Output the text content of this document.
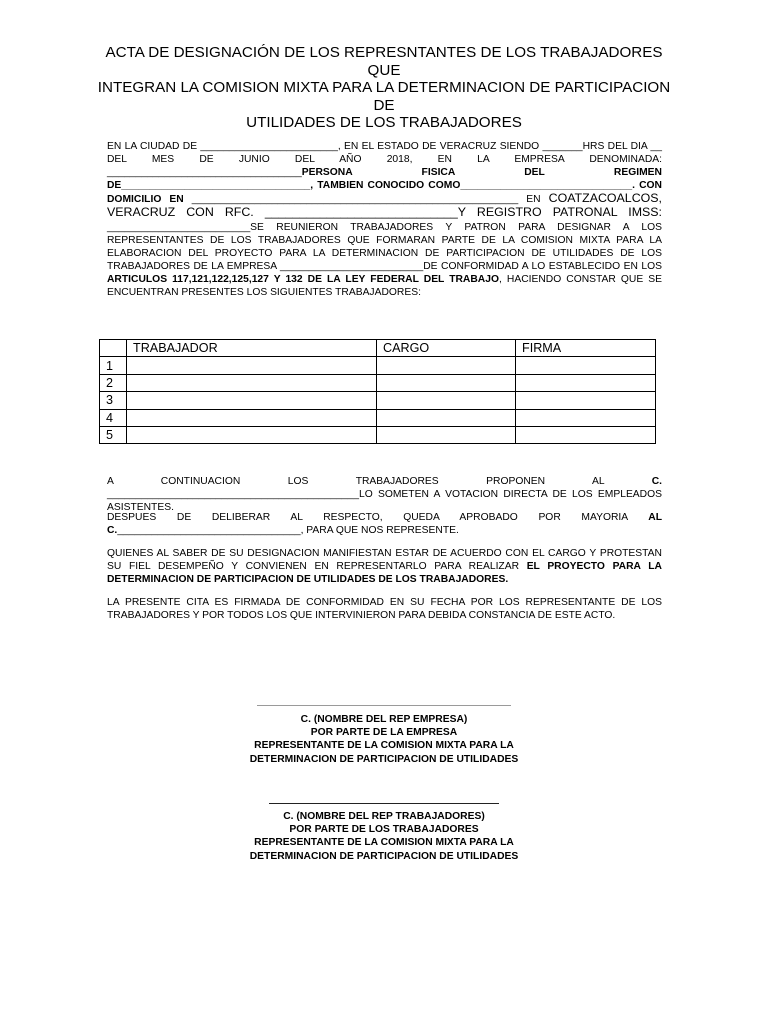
ACTA DE DESIGNACIÓN DE LOS REPRESNTANTES DE LOS TRABAJADORES QUE
INTEGRAN LA COMISION MIXTA PARA LA DETERMINACION DE PARTICIPACION DE
UTILIDADES DE LOS TRABAJADORES
EN LA CIUDAD DE ________________________, EN EL ESTADO DE VERACRUZ SIENDO _______HRS DEL DIA __ DEL MES DE JUNIO DEL AÑO 2018, EN LA EMPRESA DENOMINADA: __________________________________PERSONA FISICA DEL REGIMEN DE_________________________________, TAMBIEN CONOCIDO COMO______________________________. CON DOMICILIO EN _________________________________________________________ EN COATZACOALCOS, VERACRUZ CON RFC. ____________________________Y REGISTRO PATRONAL IMSS: _________________________SE REUNIERON TRABAJADORES Y PATRON PARA DESIGNAR A LOS REPRESENTANTES DE LOS TRABAJADORES QUE FORMARAN PARTE DE LA COMISION MIXTA PARA LA ELABORACION DEL PROYECTO PARA LA DETERMINACION DE PARTICIPACION DE UTILIDADES DE LOS TRABAJADORES DE LA EMPRESA _________________________DE CONFORMIDAD A LO ESTABLECIDO EN LOS ARTICULOS 117,121,122,125,127 Y 132 DE LA LEY FEDERAL DEL TRABAJO, HACIENDO CONSTAR QUE SE ENCUENTRAN PRESENTES LOS SIGUIENTES TRABAJADORES:
	TRABAJADOR	CARGO	FIRMA
1			
2			
3			
4			
5			
A CONTINUACION LOS TRABAJADORES PROPONEN AL C. ____________________________________________LO SOMETEN A VOTACION DIRECTA DE LOS EMPLEADOS ASISTENTES.
DESPUES DE DELIBERAR AL RESPECTO, QUEDA APROBADO POR MAYORIA AL C.________________________________, PARA QUE NOS REPRESENTE.
QUIENES AL SABER DE SU DESIGNACION MANIFIESTAN ESTAR DE ACUERDO CON EL CARGO Y PROTESTAN SU FIEL DESEMPEÑO Y CONVIENEN EN REPRESENTARLO PARA REALIZAR EL PROYECTO PARA LA DETERMINACION DE PARTICIPACION DE UTILIDADES DE LOS TRABAJADORES.
LA PRESENTE CITA ES FIRMADA DE CONFORMIDAD EN SU FECHA POR LOS REPRESENTANTE DE LOS TRABAJADORES Y POR TODOS LOS QUE INTERVINIERON PARA DEBIDA CONSTANCIA DE ESTE ACTO.
C. (NOMBRE DEL REP EMPRESA)
POR PARTE DE LA EMPRESA
REPRESENTANTE DE LA COMISION MIXTA PARA LA
DETERMINACION DE PARTICIPACION DE UTILIDADES
C. (NOMBRE DEL REP TRABAJADORES)
POR PARTE DE LOS TRABAJADORES
REPRESENTANTE DE LA COMISION MIXTA PARA LA
DETERMINACION DE PARTICIPACION DE UTILIDADES
